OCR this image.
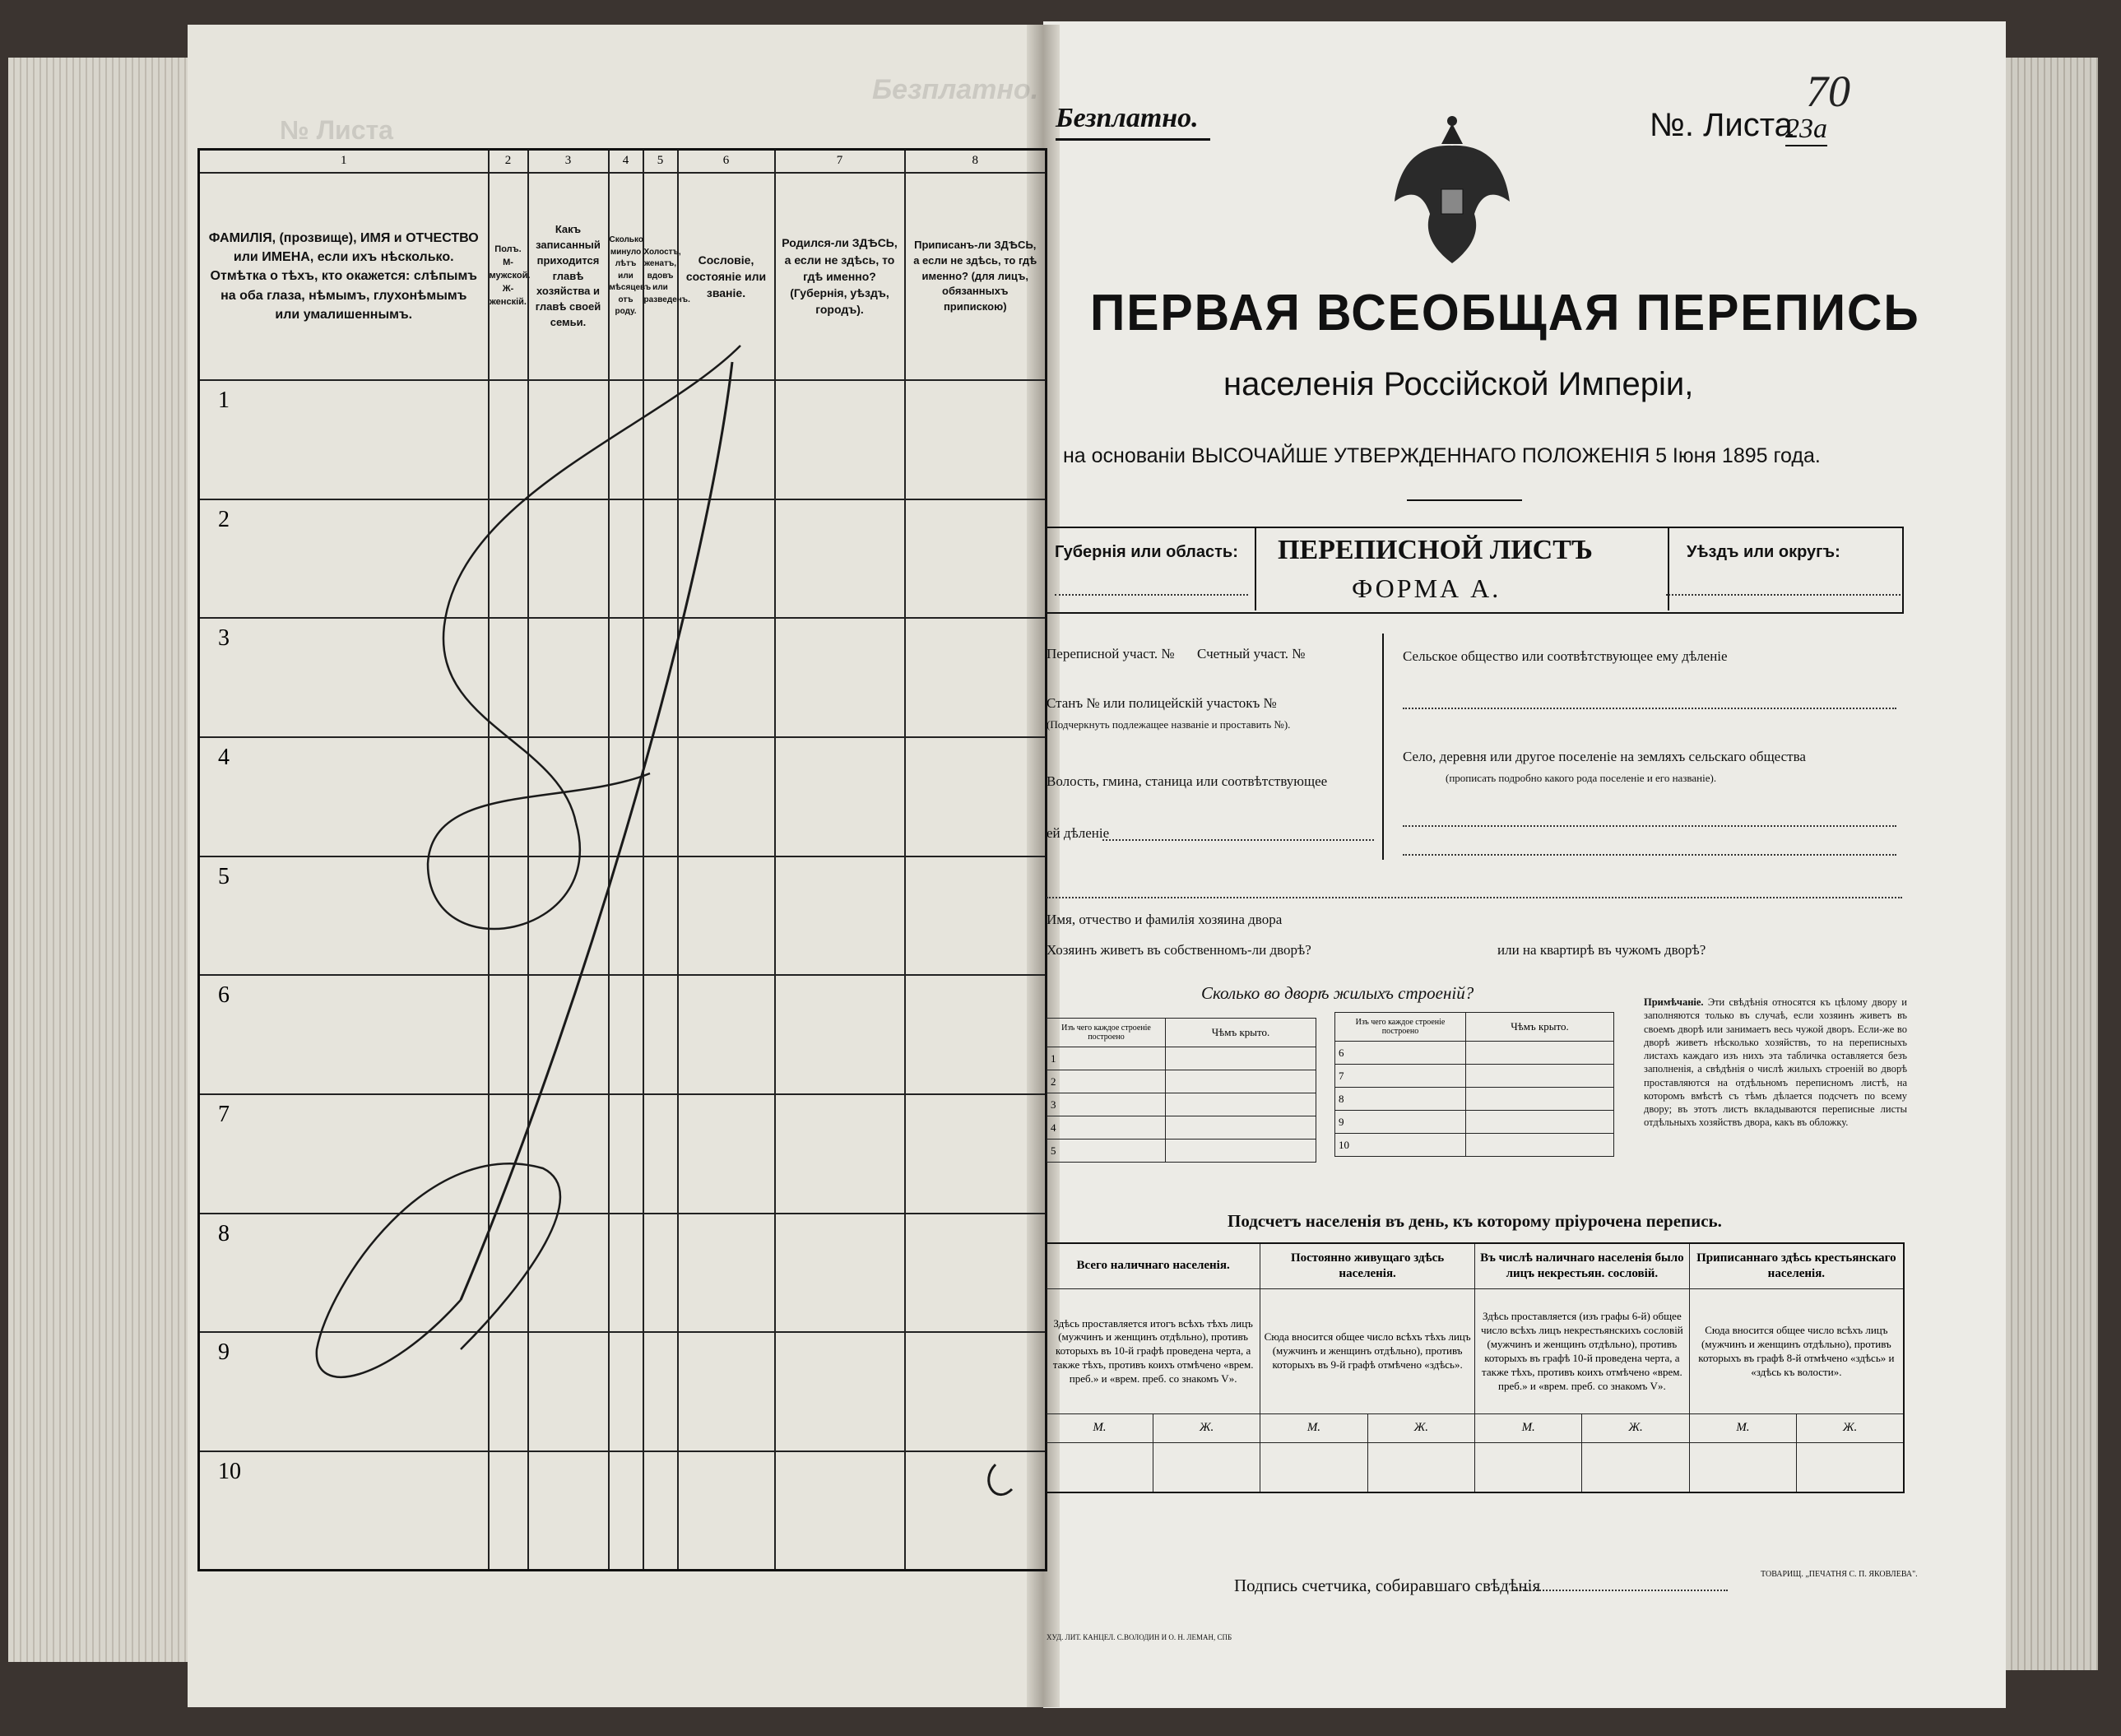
1	2	3	4	5	6	7	8
ФАМИЛІЯ, (прозвище), ИМЯ и ОТЧЕСТВО или ИМЕНА, если ихъ нѣсколько. Отмѣтка о тѣхъ, кто окажется: слѣпымъ на оба глаза, нѣмымъ, глухонѣмымъ или умалишеннымъ.	Полъ. М-мужской. Ж-женскій.	Какъ записанный приходится главѣ хозяйства и главѣ своей семьи.	Сколько минуло лѣтъ или мѣсяцевъ отъ роду.	Холостъ, женатъ, вдовъ или разведенъ.	Сословіе, состояніе или званіе.	Родился-ли ЗДѢСЬ, а если не здѣсь, то гдѣ именно? (Губернія, уѣздъ, городъ).	Приписанъ-ли ЗДѢСЬ, а если не здѣсь, то гдѣ именно? (для лицъ, обязанныхъ припискою)
1							
2							
3							
4							
5							
6							
7							
8							
9							
10							
Безплатно.	№. Листа
23а
70
ПЕРВАЯ ВСЕОБЩАЯ ПЕРЕПИСЬ
населенія Россійской Имперіи,
на основаніи ВЫСОЧАЙШЕ УТВЕРЖДЕННАГО ПОЛОЖЕНІЯ 5 Іюня 1895 года.
Губернія или область: ПЕРЕПИСНОЙ ЛИСТЪ
ФОРМА А.
Уѣздъ или округъ:
Переписной участ. № Счетный участ. №
Станъ № или полицейскій участокъ №
(Подчеркнуть подлежащее названіе и проставить №).
Волость, гмина, станица или соотвѣтствующее
ей дѣленіе
Сельское общество или соотвѣтствующее ему дѣленіе
Село, деревня или другое поселеніе на земляхъ сельскаго общества
(прописать подробно какого рода поселеніе и его названіе).
Имя, отчество и фамилія хозяина двора
Хозяинъ живетъ въ собственномъ-ли дворѣ?	или на квартирѣ въ чужомъ дворѣ?
Сколько во дворѣ жилыхъ строеній?
Изъ чего каждое строеніе построено	Чѣмъ крыто.
1	
2	
3	
4	
5	
Изъ чего каждое строеніе построено	Чѣмъ крыто.
6	
7	
8	
9	
10	
Примѣчаніе. Эти свѣдѣнія относятся къ цѣлому двору и заполняются только въ случаѣ, если хозяинъ живетъ въ своемъ дворѣ или занимаетъ весь чужой дворъ. Если-же во дворѣ живетъ нѣсколько хозяйствъ, то на переписныхъ листахъ каждаго изъ нихъ эта табличка оставляется безъ заполненія, а свѣдѣнія о числѣ жилыхъ строеній во дворѣ проставляются на отдѣльномъ переписномъ листѣ, на которомъ вмѣстѣ съ тѣмъ дѣлается подсчетъ по всему двору; въ этотъ листъ вкладываются переписные листы отдѣльныхъ хозяйствъ двора, какъ въ обложку.
Подсчетъ населенія въ день, къ которому пріурочена перепись.
Всего наличнаго населенія.		Постоянно живущаго здѣсь населенія.		Въ числѣ наличнаго населенія было лицъ некрестьян. сословій.		Приписаннаго здѣсь крестьянскаго населенія.	
Здѣсь проставляется итогъ всѣхъ тѣхъ лицъ (мужчинъ и женщинъ отдѣльно), противъ которыхъ въ 10-й графѣ проведена черта, а также тѣхъ, противъ коихъ отмѣчено «врем. преб.» и «врем. преб. со знакомъ V».		Сюда вносится общее число всѣхъ тѣхъ лицъ (мужчинъ и женщинъ отдѣльно), противъ которыхъ въ 9-й графѣ отмѣчено «здѣсь».		Здѣсь проставляется (изъ графы 6-й) общее число всѣхъ лицъ некрестьянскихъ сословій (мужчинъ и женщинъ отдѣльно), противъ которыхъ въ графѣ 10-й проведена черта, а также тѣхъ, противъ коихъ отмѣчено «врем. преб.» и «врем. преб. со знакомъ V».		Сюда вносится общее число всѣхъ лицъ (мужчинъ и женщинъ отдѣльно), противъ которыхъ въ графѣ 8-й отмѣчено «здѣсь» и «здѣсь къ волости».	
М.	Ж.	М.	Ж.	М.	Ж.	М.	Ж.

Подпись счетчика, собиравшаго свѣдѣнія
ТОВАРИЩ. „ПЕЧАТНЯ С. П. ЯКОВЛЕВА".
ХУД. ЛИТ. КАНЦЕЛ. С.ВОЛОДИН И О. Н. ЛЕМАН, СПБ
